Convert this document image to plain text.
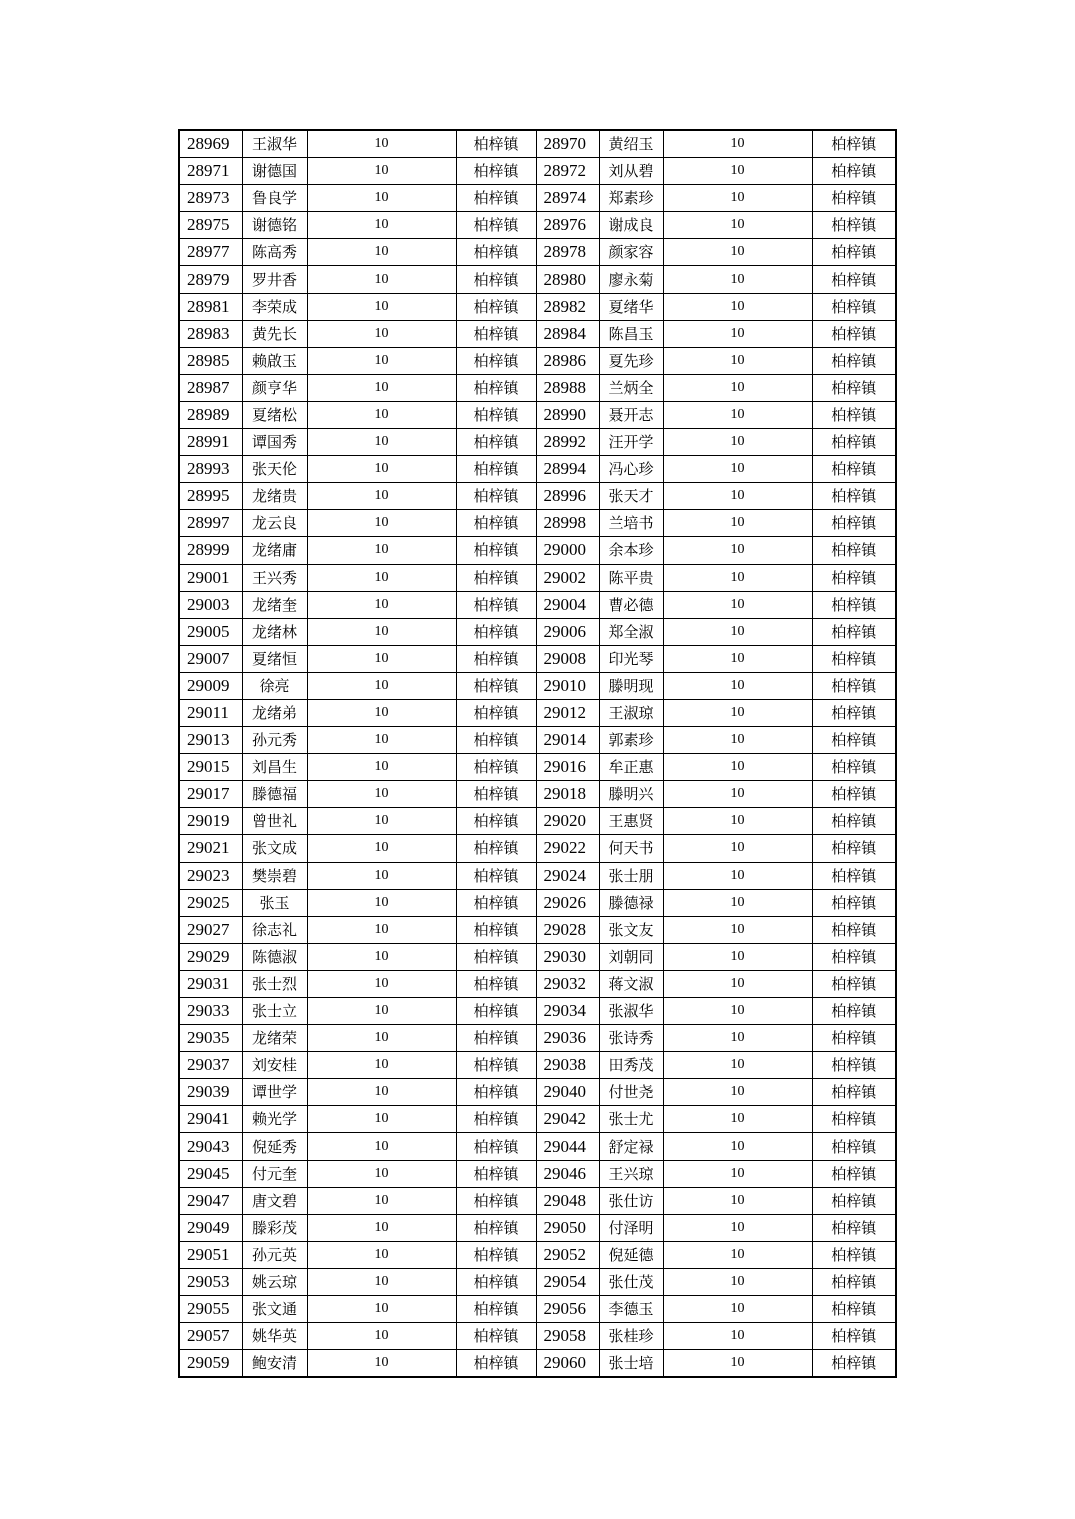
28969	王淑华	10	柏梓镇	28970	黄绍玉	10	柏梓镇
28971	谢德国	10	柏梓镇	28972	刘从碧	10	柏梓镇
28973	鲁良学	10	柏梓镇	28974	郑素珍	10	柏梓镇
28975	谢德铭	10	柏梓镇	28976	谢成良	10	柏梓镇
28977	陈高秀	10	柏梓镇	28978	颜家容	10	柏梓镇
28979	罗井香	10	柏梓镇	28980	廖永菊	10	柏梓镇
28981	李荣成	10	柏梓镇	28982	夏绪华	10	柏梓镇
28983	黄先长	10	柏梓镇	28984	陈昌玉	10	柏梓镇
28985	赖啟玉	10	柏梓镇	28986	夏先珍	10	柏梓镇
28987	颜亨华	10	柏梓镇	28988	兰炳全	10	柏梓镇
28989	夏绪松	10	柏梓镇	28990	聂开志	10	柏梓镇
28991	谭国秀	10	柏梓镇	28992	汪开学	10	柏梓镇
28993	张天伦	10	柏梓镇	28994	冯心珍	10	柏梓镇
28995	龙绪贵	10	柏梓镇	28996	张天才	10	柏梓镇
28997	龙云良	10	柏梓镇	28998	兰培书	10	柏梓镇
28999	龙绪庸	10	柏梓镇	29000	余本珍	10	柏梓镇
29001	王兴秀	10	柏梓镇	29002	陈平贵	10	柏梓镇
29003	龙绪奎	10	柏梓镇	29004	曹必德	10	柏梓镇
29005	龙绪林	10	柏梓镇	29006	郑全淑	10	柏梓镇
29007	夏绪恒	10	柏梓镇	29008	印光琴	10	柏梓镇
29009	徐亮	10	柏梓镇	29010	滕明现	10	柏梓镇
29011	龙绪弟	10	柏梓镇	29012	王淑琼	10	柏梓镇
29013	孙元秀	10	柏梓镇	29014	郭素珍	10	柏梓镇
29015	刘昌生	10	柏梓镇	29016	牟正惠	10	柏梓镇
29017	滕德福	10	柏梓镇	29018	滕明兴	10	柏梓镇
29019	曾世礼	10	柏梓镇	29020	王惠贤	10	柏梓镇
29021	张文成	10	柏梓镇	29022	何天书	10	柏梓镇
29023	樊崇碧	10	柏梓镇	29024	张士朋	10	柏梓镇
29025	张玉	10	柏梓镇	29026	滕德禄	10	柏梓镇
29027	徐志礼	10	柏梓镇	29028	张文友	10	柏梓镇
29029	陈德淑	10	柏梓镇	29030	刘朝同	10	柏梓镇
29031	张士烈	10	柏梓镇	29032	蒋文淑	10	柏梓镇
29033	张士立	10	柏梓镇	29034	张淑华	10	柏梓镇
29035	龙绪荣	10	柏梓镇	29036	张诗秀	10	柏梓镇
29037	刘安桂	10	柏梓镇	29038	田秀茂	10	柏梓镇
29039	谭世学	10	柏梓镇	29040	付世尧	10	柏梓镇
29041	赖光学	10	柏梓镇	29042	张士尤	10	柏梓镇
29043	倪延秀	10	柏梓镇	29044	舒定禄	10	柏梓镇
29045	付元奎	10	柏梓镇	29046	王兴琼	10	柏梓镇
29047	唐文碧	10	柏梓镇	29048	张仕访	10	柏梓镇
29049	滕彩茂	10	柏梓镇	29050	付泽明	10	柏梓镇
29051	孙元英	10	柏梓镇	29052	倪延德	10	柏梓镇
29053	姚云琼	10	柏梓镇	29054	张仕茂	10	柏梓镇
29055	张文通	10	柏梓镇	29056	李德玉	10	柏梓镇
29057	姚华英	10	柏梓镇	29058	张桂珍	10	柏梓镇
29059	鲍安清	10	柏梓镇	29060	张士培	10	柏梓镇
